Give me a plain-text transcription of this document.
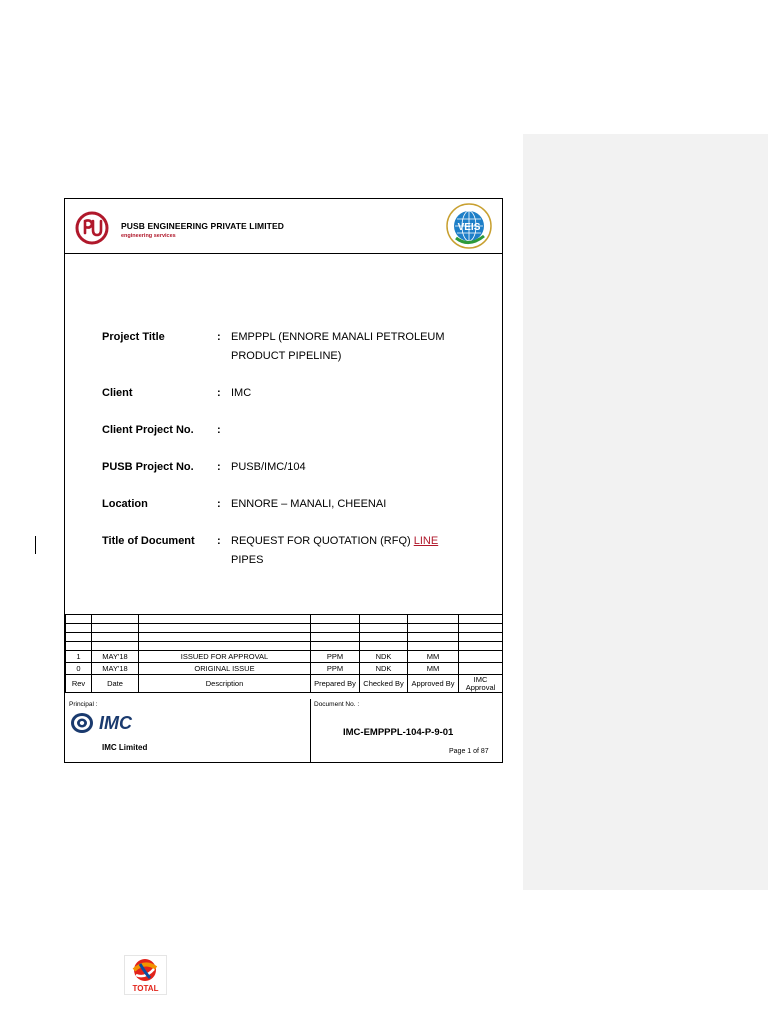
PUSB ENGINEERING PRIVATE LIMITED
engineering services
VEIS
Project Title	: EMPPPL (ENNORE MANALI PETROLEUM PRODUCT PIPELINE)
Client	: IMC
Client Project No.	:
PUSB Project No.	: PUSB/IMC/104
Location	: ENNORE – MANALI, CHEENAI
Title of Document	: REQUEST FOR QUOTATION (RFQ) LINE
PIPES

1	MAY'18	ISSUED FOR APPROVAL	PPM	NDK	MM	
0	MAY'18	ORIGINAL ISSUE	PPM	NDK	MM	
Rev	Date	Description	Prepared By	Checked By	Approved By	IMC Approval
Principal :
IMC
IMC Limited
Document No. :
IMC-EMPPPL-104-P-9-01
Page 1 of 87
TOTAL
